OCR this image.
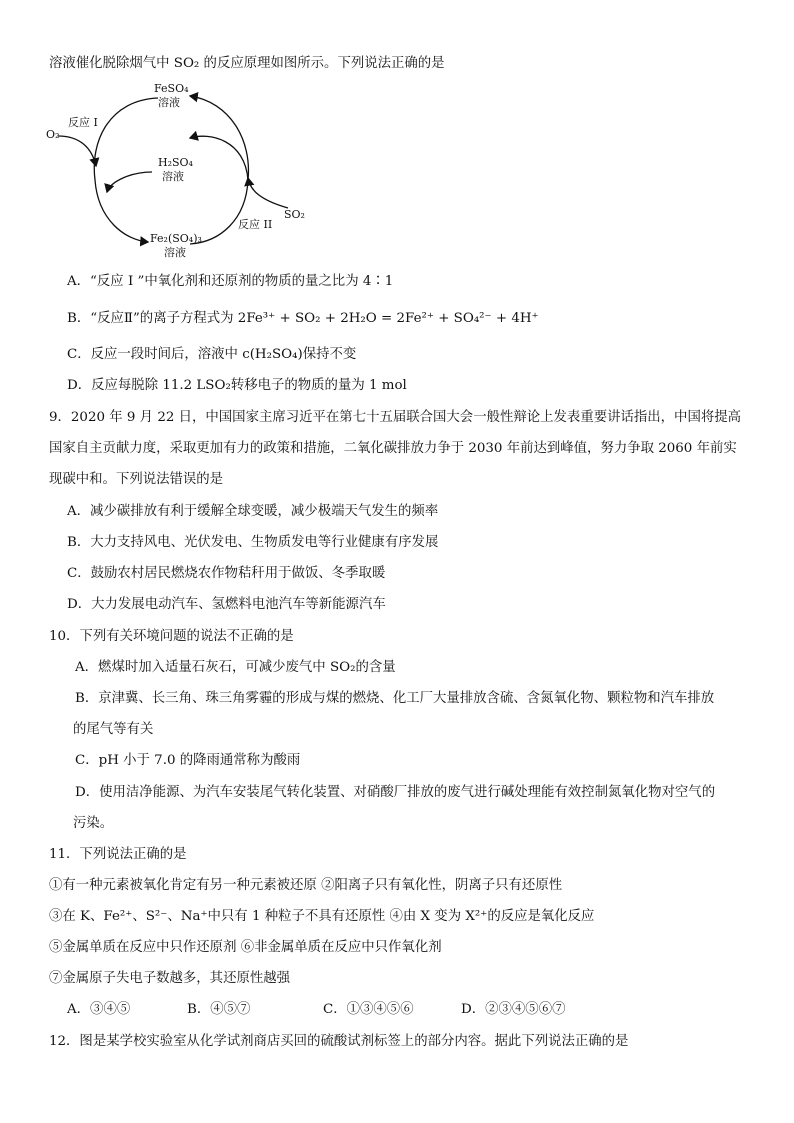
溶液催化脱除烟气中 SO₂ 的反应原理如图所示。下列说法正确的是
FeSO₄
溶液
H₂SO₄
溶液
Fe₂(SO₄)₃
溶液
O₂
SO₂
反应 I
反应 II
A．“反应 I ”中氧化剂和还原剂的物质的量之比为 4∶1
B．“反应Ⅱ”的离子方程式为 2Fe³⁺ + SO₂ + 2H₂O = 2Fe²⁺ + SO₄²⁻ + 4H⁺
C．反应一段时间后，溶液中 c(H₂SO₄)保持不变
D．反应每脱除 11.2 LSO₂转移电子的物质的量为 1 mol
9．2020 年 9 月 22 日，中国国家主席习近平在第七十五届联合国大会一般性辩论上发表重要讲话指出，中国将提高
国家自主贡献力度，采取更加有力的政策和措施，二氧化碳排放力争于 2030 年前达到峰值，努力争取 2060 年前实
现碳中和。下列说法错误的是
A．减少碳排放有利于缓解全球变暖，减少极端天气发生的频率
B．大力支持风电、光伏发电、生物质发电等行业健康有序发展
C．鼓励农村居民燃烧农作物秸秆用于做饭、冬季取暖
D．大力发展电动汽车、氢燃料电池汽车等新能源汽车
10．下列有关环境问题的说法不正确的是
A．燃煤时加入适量石灰石，可减少废气中 SO₂的含量
B．京津冀、长三角、珠三角雾霾的形成与煤的燃烧、化工厂大量排放含硫、含氮氧化物、颗粒物和汽车排放
的尾气等有关
C．pH 小于 7.0 的降雨通常称为酸雨
D．使用洁净能源、为汽车安装尾气转化装置、对硝酸厂排放的废气进行碱处理能有效控制氮氧化物对空气的
污染。
11．下列说法正确的是
①有一种元素被氧化肯定有另一种元素被还原 ②阳离子只有氧化性，阴离子只有还原性
③在 K、Fe²⁺、S²⁻、Na⁺中只有 1 种粒子不具有还原性 ④由 X 变为 X²⁺的反应是氧化反应
⑤金属单质在反应中只作还原剂 ⑥非金属单质在反应中只作氧化剂
⑦金属原子失电子数越多，其还原性越强
A．③④⑤	B．④⑤⑦	C．①③④⑤⑥	D．②③④⑤⑥⑦
12．图是某学校实验室从化学试剂商店买回的硫酸试剂标签上的部分内容。据此下列说法正确的是
